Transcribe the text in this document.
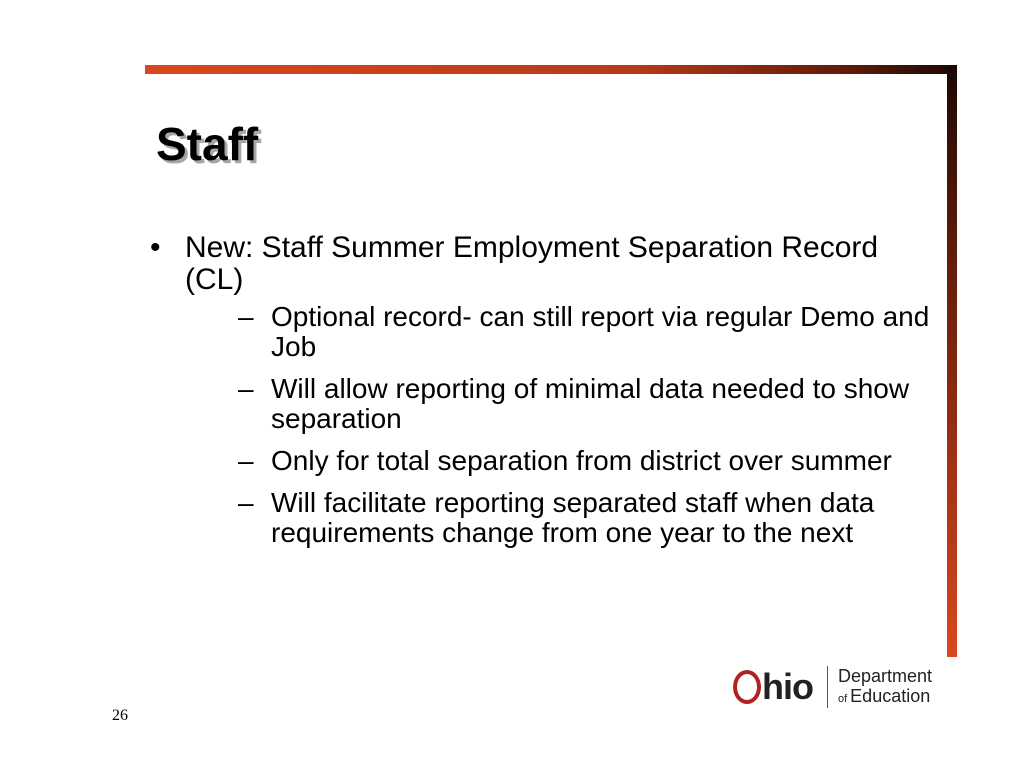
Staff
• New: Staff Summer Employment Separation Record (CL)
– Optional record- can still report via regular Demo and Job
– Will allow reporting of minimal data needed to show separation
– Only for total separation from district over summer
– Will facilitate reporting separated staff when data requirements change from one year to the next
26
hio Department
of Education
